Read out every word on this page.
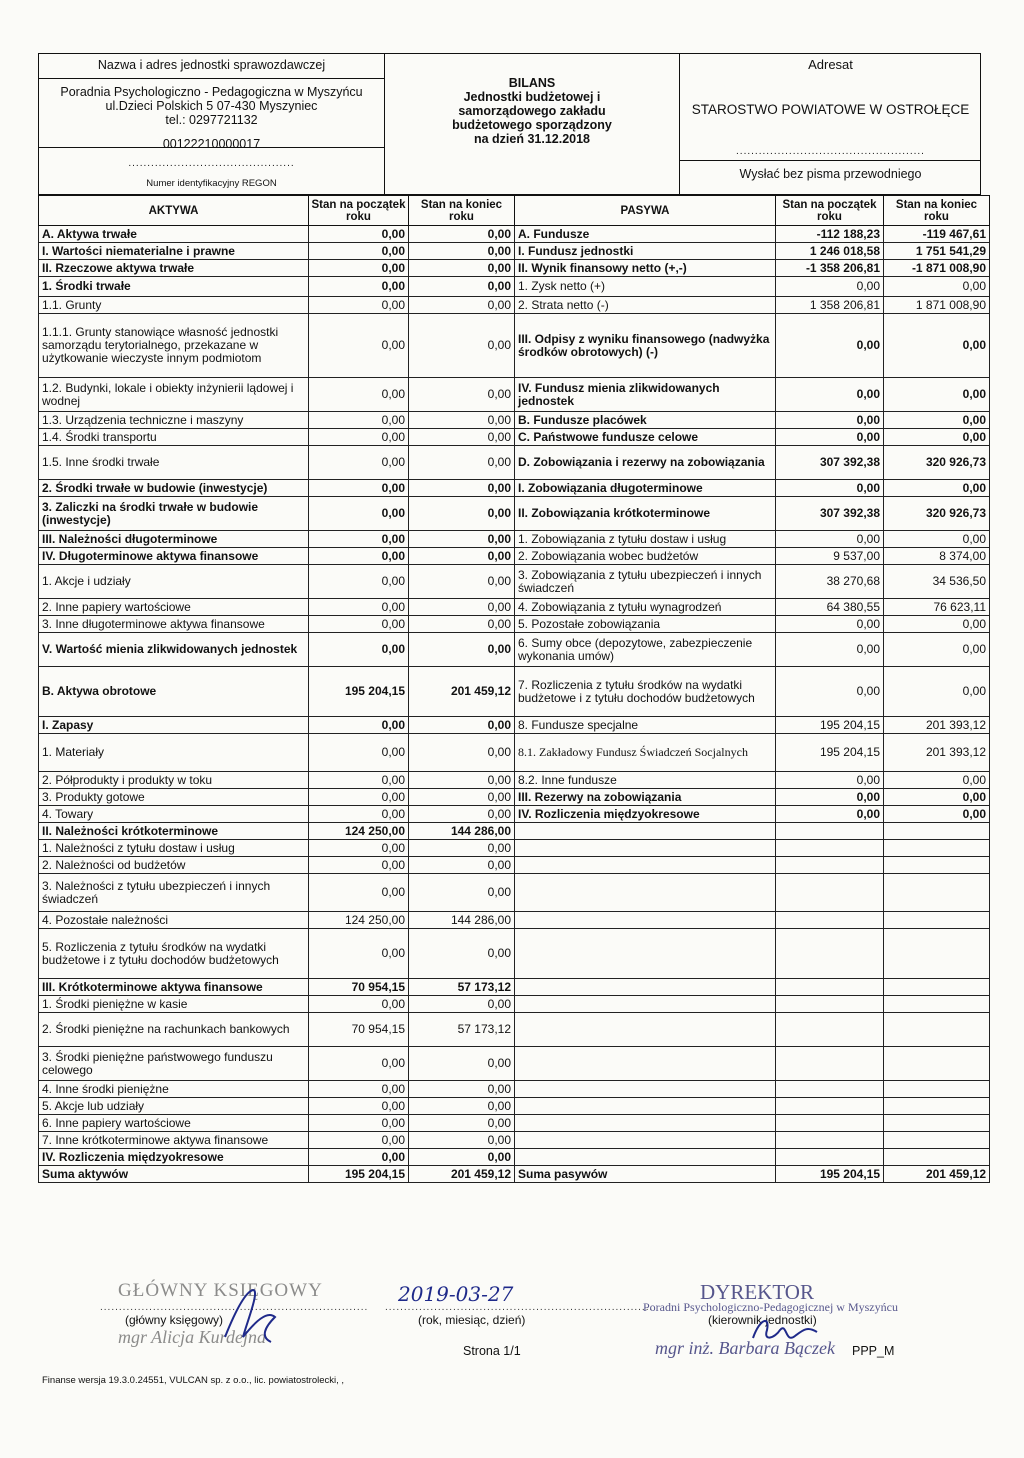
Nazwa i adres jednostki sprawozdawczej
Poradnia Psychologiczno - Pedagogiczna w Myszyńcu
ul.Dzieci Polskich 5 07-430 Myszyniec
tel.: 0297721132
00122210000017
............................................
Numer identyfikacyjny REGON
BILANS
Jednostki budżetowej i
samorządowego zakładu
budżetowego sporządzony
na dzień 31.12.2018
Adresat
STAROSTWO POWIATOWE W OSTROŁĘCE
..................................................
Wysłać bez pisma przewodniego
AKTYWA	Stan na początek roku	Stan na koniec roku	PASYWA	Stan na początek roku	Stan na koniec roku
A. Aktywa trwałe	0,00	0,00	A. Fundusze	-112 188,23	-119 467,61
I. Wartości niematerialne i prawne	0,00	0,00	I. Fundusz jednostki	1 246 018,58	1 751 541,29
II. Rzeczowe aktywa trwałe	0,00	0,00	II. Wynik finansowy netto (+,-)	-1 358 206,81	-1 871 008,90
1. Środki trwałe	0,00	0,00	1. Zysk netto (+)	0,00	0,00
1.1. Grunty	0,00	0,00	2. Strata netto (-)	1 358 206,81	1 871 008,90
1.1.1. Grunty stanowiące własność jednostki samorządu terytorialnego, przekazane w użytkowanie wieczyste innym podmiotom	0,00	0,00	III. Odpisy z wyniku finansowego (nadwyżka środków obrotowych) (-)	0,00	0,00
1.2. Budynki, lokale i obiekty inżynierii lądowej i wodnej	0,00	0,00	IV. Fundusz mienia zlikwidowanych jednostek	0,00	0,00
1.3. Urządzenia techniczne i maszyny	0,00	0,00	B. Fundusze placówek	0,00	0,00
1.4. Środki transportu	0,00	0,00	C. Państwowe fundusze celowe	0,00	0,00
1.5. Inne środki trwałe	0,00	0,00	D. Zobowiązania i rezerwy na zobowiązania	307 392,38	320 926,73
2. Środki trwałe w budowie (inwestycje)	0,00	0,00	I. Zobowiązania długoterminowe	0,00	0,00
3. Zaliczki na środki trwałe w budowie (inwestycje)	0,00	0,00	II. Zobowiązania krótkoterminowe	307 392,38	320 926,73
III. Należności długoterminowe	0,00	0,00	1. Zobowiązania z tytułu dostaw i usług	0,00	0,00
IV. Długoterminowe aktywa finansowe	0,00	0,00	2. Zobowiązania wobec budżetów	9 537,00	8 374,00
1. Akcje i udziały	0,00	0,00	3. Zobowiązania z tytułu ubezpieczeń i innych świadczeń	38 270,68	34 536,50
2. Inne papiery wartościowe	0,00	0,00	4. Zobowiązania z tytułu wynagrodzeń	64 380,55	76 623,11
3. Inne długoterminowe aktywa finansowe	0,00	0,00	5. Pozostałe zobowiązania	0,00	0,00
V. Wartość mienia zlikwidowanych jednostek	0,00	0,00	6. Sumy obce (depozytowe, zabezpieczenie wykonania umów)	0,00	0,00
B. Aktywa obrotowe	195 204,15	201 459,12	7. Rozliczenia z tytułu środków na wydatki budżetowe i z tytułu dochodów budżetowych	0,00	0,00
I. Zapasy	0,00	0,00	8. Fundusze specjalne	195 204,15	201 393,12
1. Materiały	0,00	0,00	8.1. Zakładowy Fundusz Świadczeń Socjalnych	195 204,15	201 393,12
2. Półprodukty i produkty w toku	0,00	0,00	8.2. Inne fundusze	0,00	0,00
3. Produkty gotowe	0,00	0,00	III. Rezerwy na zobowiązania	0,00	0,00
4. Towary	0,00	0,00	IV. Rozliczenia międzyokresowe	0,00	0,00
II. Należności krótkoterminowe	124 250,00	144 286,00			
1. Należności z tytułu dostaw i usług	0,00	0,00			
2. Należności od budżetów	0,00	0,00			
3. Należności z tytułu ubezpieczeń i innych świadczeń	0,00	0,00			
4. Pozostałe należności	124 250,00	144 286,00			
5. Rozliczenia z tytułu środków na wydatki budżetowe i z tytułu dochodów budżetowych	0,00	0,00			
III. Krótkoterminowe aktywa finansowe	70 954,15	57 173,12			
1. Środki pieniężne w kasie	0,00	0,00			
2. Środki pieniężne na rachunkach bankowych	70 954,15	57 173,12			
3. Środki pieniężne państwowego funduszu celowego	0,00	0,00			
4. Inne środki pieniężne	0,00	0,00			
5. Akcje lub udziały	0,00	0,00			
6. Inne papiery wartościowe	0,00	0,00			
7. Inne krótkoterminowe aktywa finansowe	0,00	0,00			
IV. Rozliczenia międzyokresowe	0,00	0,00			
Suma aktywów	195 204,15	201 459,12	Suma pasywów	195 204,15	201 459,12
GŁÓWNY KSIĘGOWY
.......................................................................
(główny księgowy)
mgr Alicja Kurdejna
2019-03-27
.......................................................................
(rok, miesiąc, dzień)
DYREKTOR
Poradni Psychologiczno-Pedagogicznej w Myszyńcu
(kierownik jednostki)
mgr inż. Barbara Bączek PPP_M
Strona 1/1
Finanse wersja 19.3.0.24551, VULCAN sp. z o.o., lic. powiatostrolecki, ,
